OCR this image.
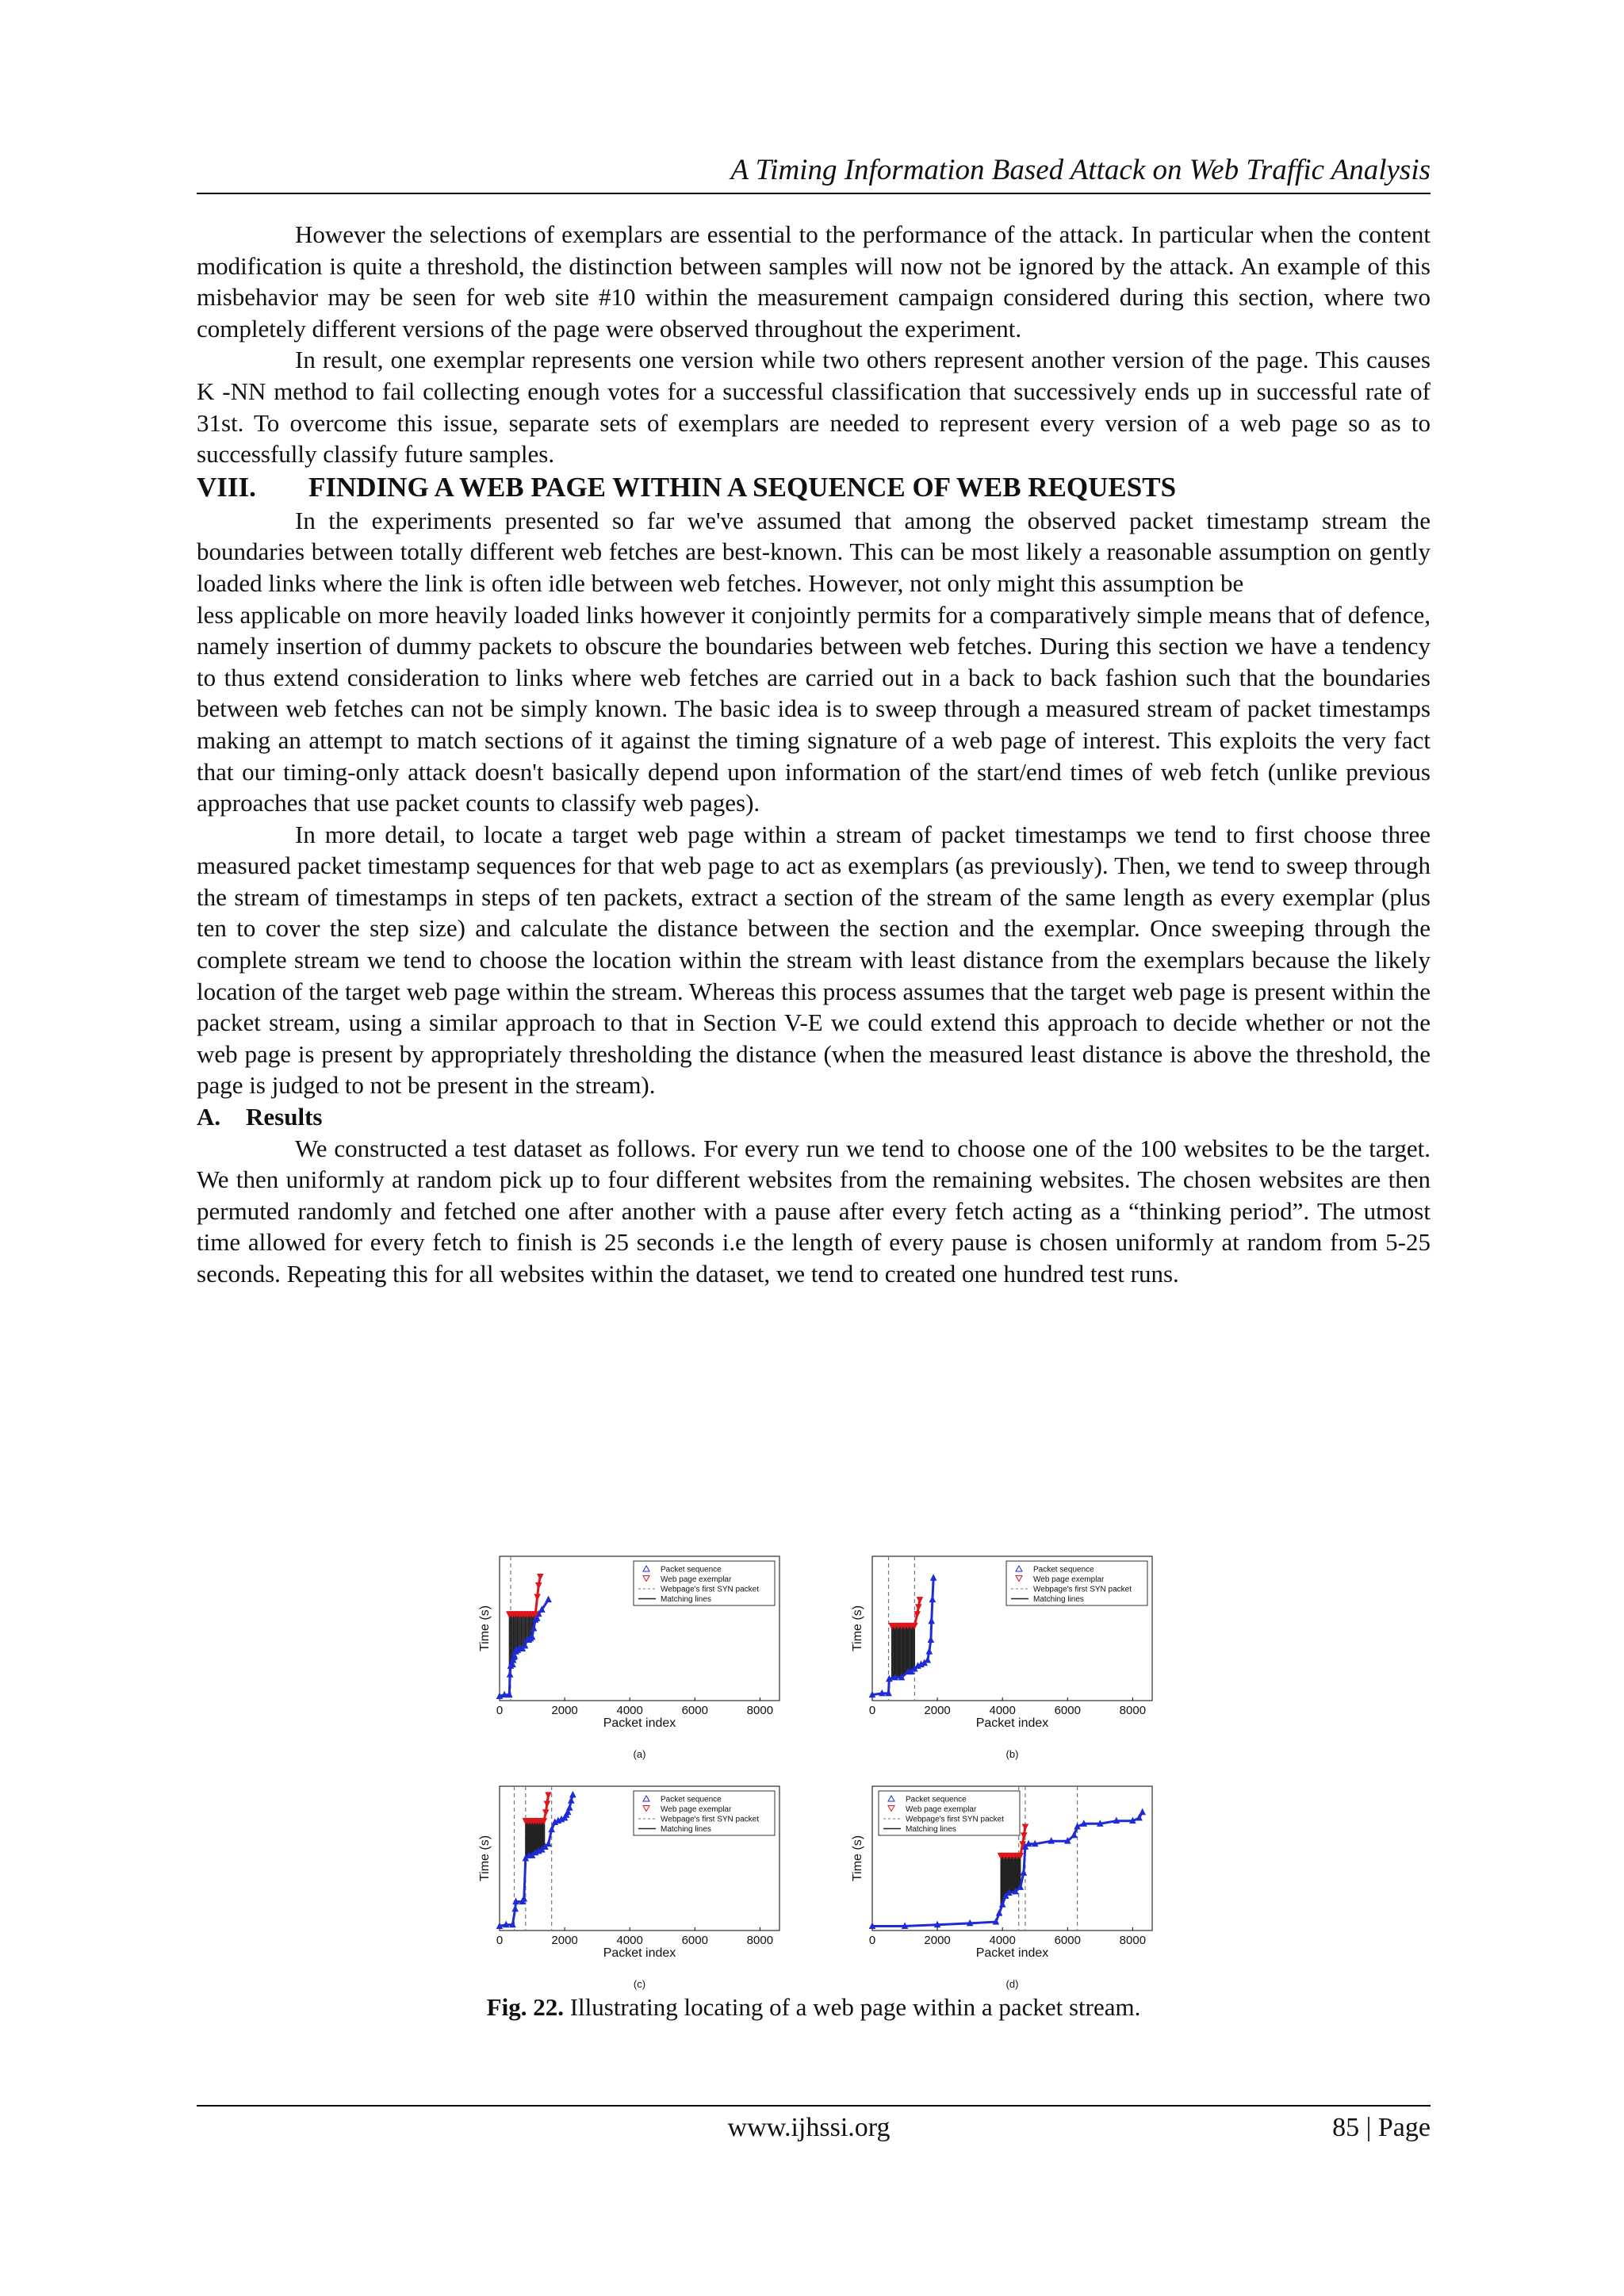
A Timing Information Based Attack on Web Traffic Analysis

However the selections of exemplars are essential to the performance of the attack. In particular when the content modification is quite a threshold, the distinction between samples will now not be ignored by the attack. An example of this misbehavior may be seen for web site #10 within the measurement campaign considered during this section, where two completely different versions of the page were observed throughout the experiment.

In result, one exemplar represents one version while two others represent another version of the page. This causes K -NN method to fail collecting enough votes for a successful classification that successively ends up in successful rate of 31st. To overcome this issue, separate sets of exemplars are needed to represent every version of a web page so as to successfully classify future samples.

VIII. FINDING A WEB PAGE WITHIN A SEQUENCE OF WEB REQUESTS

In the experiments presented so far we've assumed that among the observed packet timestamp stream the boundaries between totally different web fetches are best-known. This can be most likely a reasonable assumption on gently loaded links where the link is often idle between web fetches. However, not only might this assumption be

less applicable on more heavily loaded links however it conjointly permits for a comparatively simple means that of defence, namely insertion of dummy packets to obscure the boundaries between web fetches. During this section we have a tendency to thus extend consideration to links where web fetches are carried out in a back to back fashion such that the boundaries between web fetches can not be simply known. The basic idea is to sweep through a measured stream of packet timestamps making an attempt to match sections of it against the timing signature of a web page of interest. This exploits the very fact that our timing-only attack doesn't basically depend upon information of the start/end times of web fetch (unlike previous approaches that use packet counts to classify web pages).

In more detail, to locate a target web page within a stream of packet timestamps we tend to first choose three measured packet timestamp sequences for that web page to act as exemplars (as previously). Then, we tend to sweep through the stream of timestamps in steps of ten packets, extract a section of the stream of the same length as every exemplar (plus ten to cover the step size) and calculate the distance between the section and the exemplar. Once sweeping through the complete stream we tend to choose the location within the stream with least distance from the exemplars because the likely location of the target web page within the stream. Whereas this process assumes that the target web page is present within the packet stream, using a similar approach to that in Section V-E we could extend this approach to decide whether or not the web page is present by appropriately thresholding the distance (when the measured least distance is above the threshold, the page is judged to not be present in the stream).

A. Results

We constructed a test dataset as follows. For every run we tend to choose one of the 100 websites to be the target. We then uniformly at random pick up to four different websites from the remaining websites. The chosen websites are then permuted randomly and fetched one after another with a pause after every fetch acting as a “thinking period”. The utmost time allowed for every fetch to finish is 25 seconds i.e the length of every pause is chosen uniformly at random from 5-25 seconds. Repeating this for all websites within the dataset, we tend to created one hundred test runs.

0	2000	4000	6000	8000
Packet index
Time (s)
Packet sequence
Web page exemplar
Webpage's first SYN packet
Matching lines
(a)
0	2000	4000	6000	8000
Packet index
Time (s)
Packet sequence
Web page exemplar
Webpage's first SYN packet
Matching lines
(b)
0	2000	4000	6000	8000
Packet index
Time (s)
Packet sequence
Web page exemplar
Webpage's first SYN packet
Matching lines
(c)
0	2000	4000	6000	8000
Packet index
Time (s)
Packet sequence
Web page exemplar
Webpage's first SYN packet
Matching lines
(d)
Fig. 22. Illustrating locating of a web page within a packet stream.
www.ijhssi.org	85 | Page
